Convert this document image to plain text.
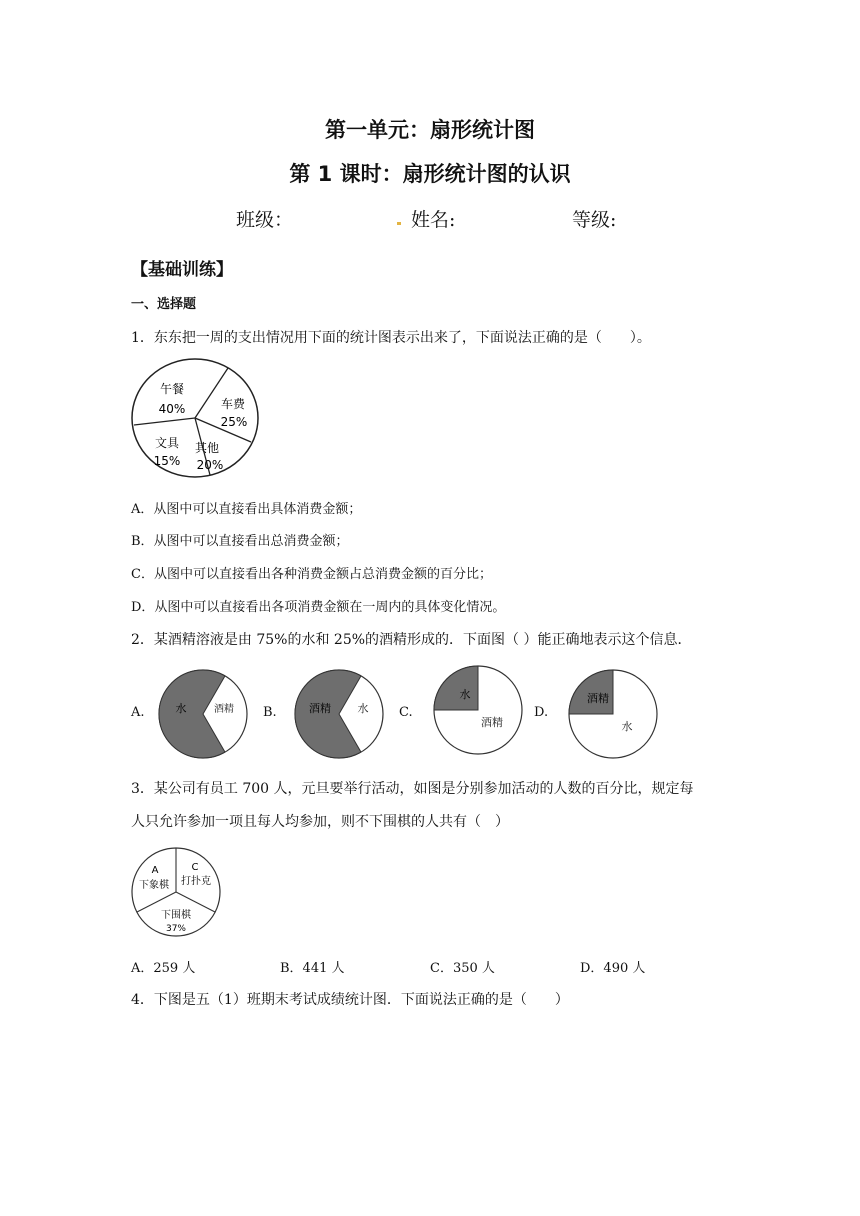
第一单元：扇形统计图
第 1 课时：扇形统计图的认识
班级：	姓名:	等级:
【基础训练】
一、选择题
1．东东把一周的支出情况用下面的统计图表示出来了，下面说法正确的是（　　）。
午餐
40%	车费
25%
其他
20%
文具
15%
A．从图中可以直接看出具体消费金额；
B．从图中可以直接看出总消费金额；
C．从图中可以直接看出各种消费金额占总消费金额的百分比；
D．从图中可以直接看出各项消费金额在一周内的具体变化情况。
2．某酒精溶液是由 75%的水和 25%的酒精形成的．下面图（ ）能正确地表示这个信息．
A.	水	酒精 B.	酒精 水 C.
水
酒精
D.
酒精
水
3．某公司有员工 700 人，元旦要举行活动，如图是分别参加活动的人数的百分比，规定每
人只允许参加一项且每人均参加，则不下围棋的人共有（　）
A
下象棋
C
打扑克
下围棋
37%
A．259 人	B．441 人	C．350 人	D．490 人
4．下图是五（1）班期末考试成绩统计图．下面说法正确的是（　　）
